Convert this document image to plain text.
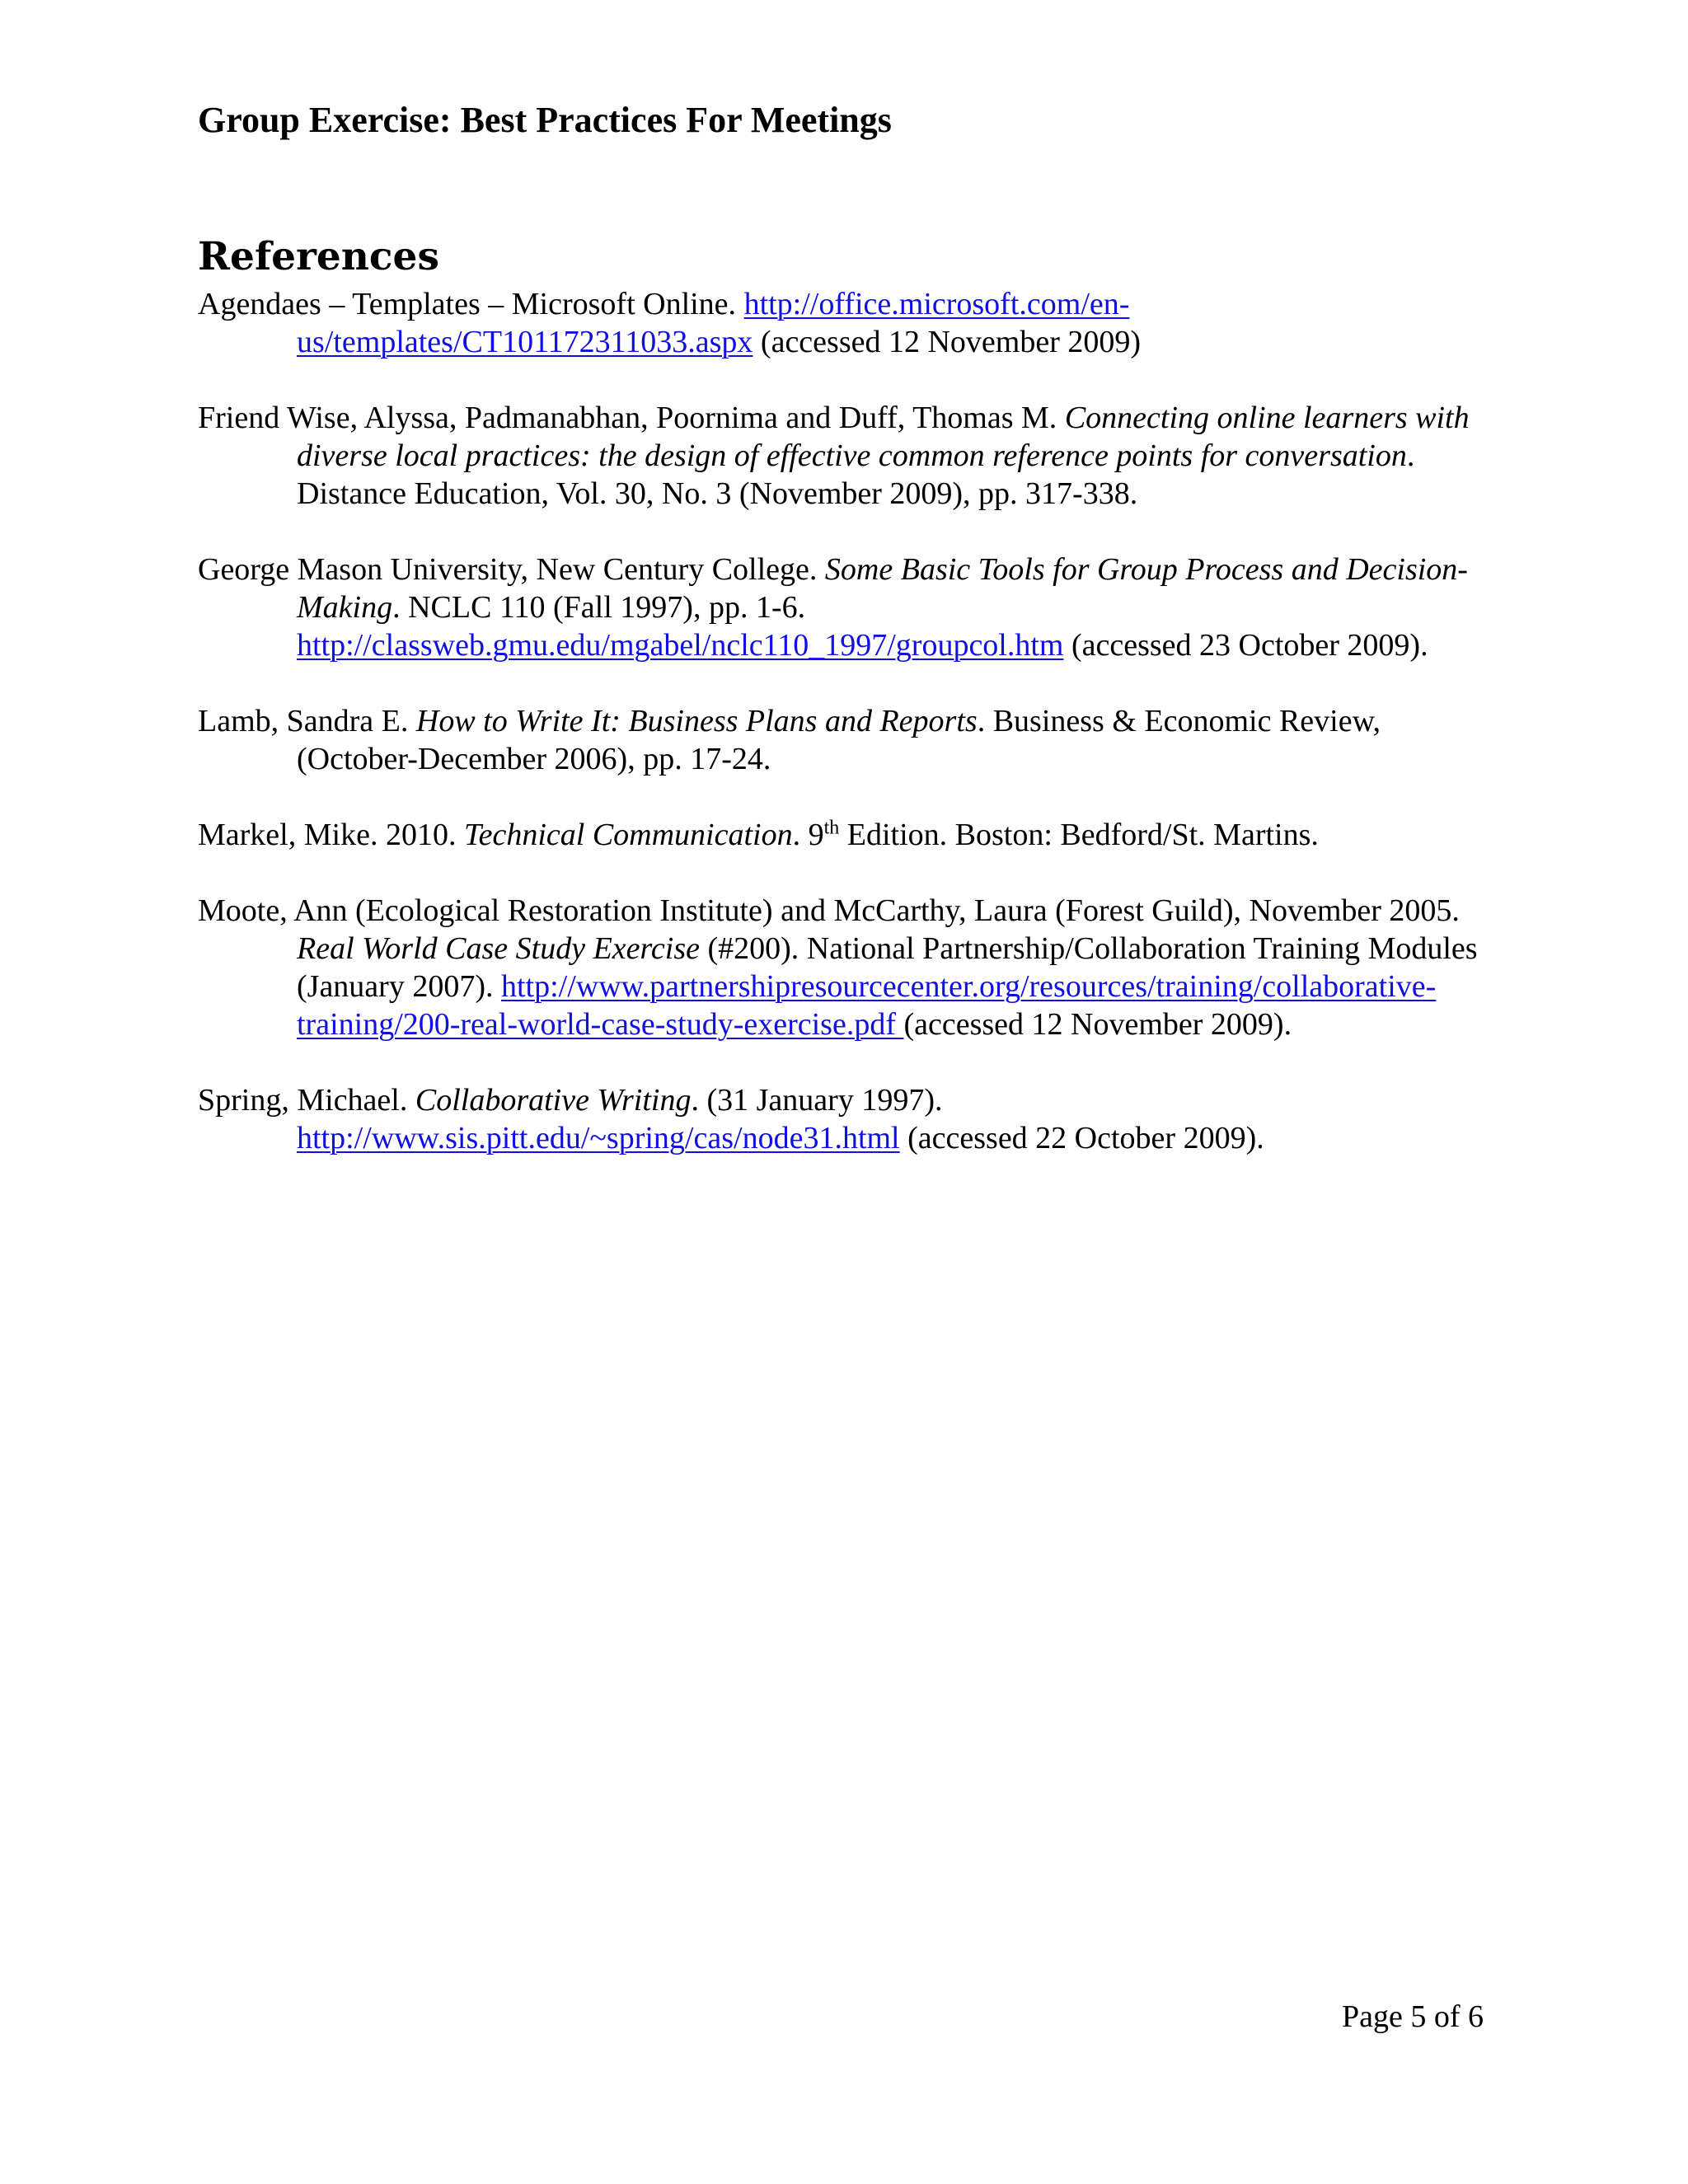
Group Exercise: Best Practices For Meetings
References
Agendaes – Templates – Microsoft Online. http://office.microsoft.com/en-us/templates/CT101172311033.aspx (accessed 12 November 2009)
Friend Wise, Alyssa, Padmanabhan, Poornima and Duff, Thomas M. Connecting online learners with diverse local practices: the design of effective common reference points for conversation. Distance Education, Vol. 30, No. 3 (November 2009), pp. 317-338.
George Mason University, New Century College. Some Basic Tools for Group Process and Decision-Making. NCLC 110 (Fall 1997), pp. 1-6. http://classweb.gmu.edu/mgabel/nclc110_1997/groupcol.htm (accessed 23 October 2009).
Lamb, Sandra E. How to Write It: Business Plans and Reports. Business & Economic Review, (October-December 2006), pp. 17-24.
Markel, Mike. 2010. Technical Communication. 9th Edition. Boston: Bedford/St. Martins.
Moote, Ann (Ecological Restoration Institute) and McCarthy, Laura (Forest Guild), November 2005. Real World Case Study Exercise (#200). National Partnership/Collaboration Training Modules (January 2007). http://www.partnershipresourcecenter.org/resources/training/collaborative-training/200-real-world-case-study-exercise.pdf (accessed 12 November 2009).
Spring, Michael. Collaborative Writing. (31 January 1997). http://www.sis.pitt.edu/~spring/cas/node31.html (accessed 22 October 2009).
Page 5 of 6
